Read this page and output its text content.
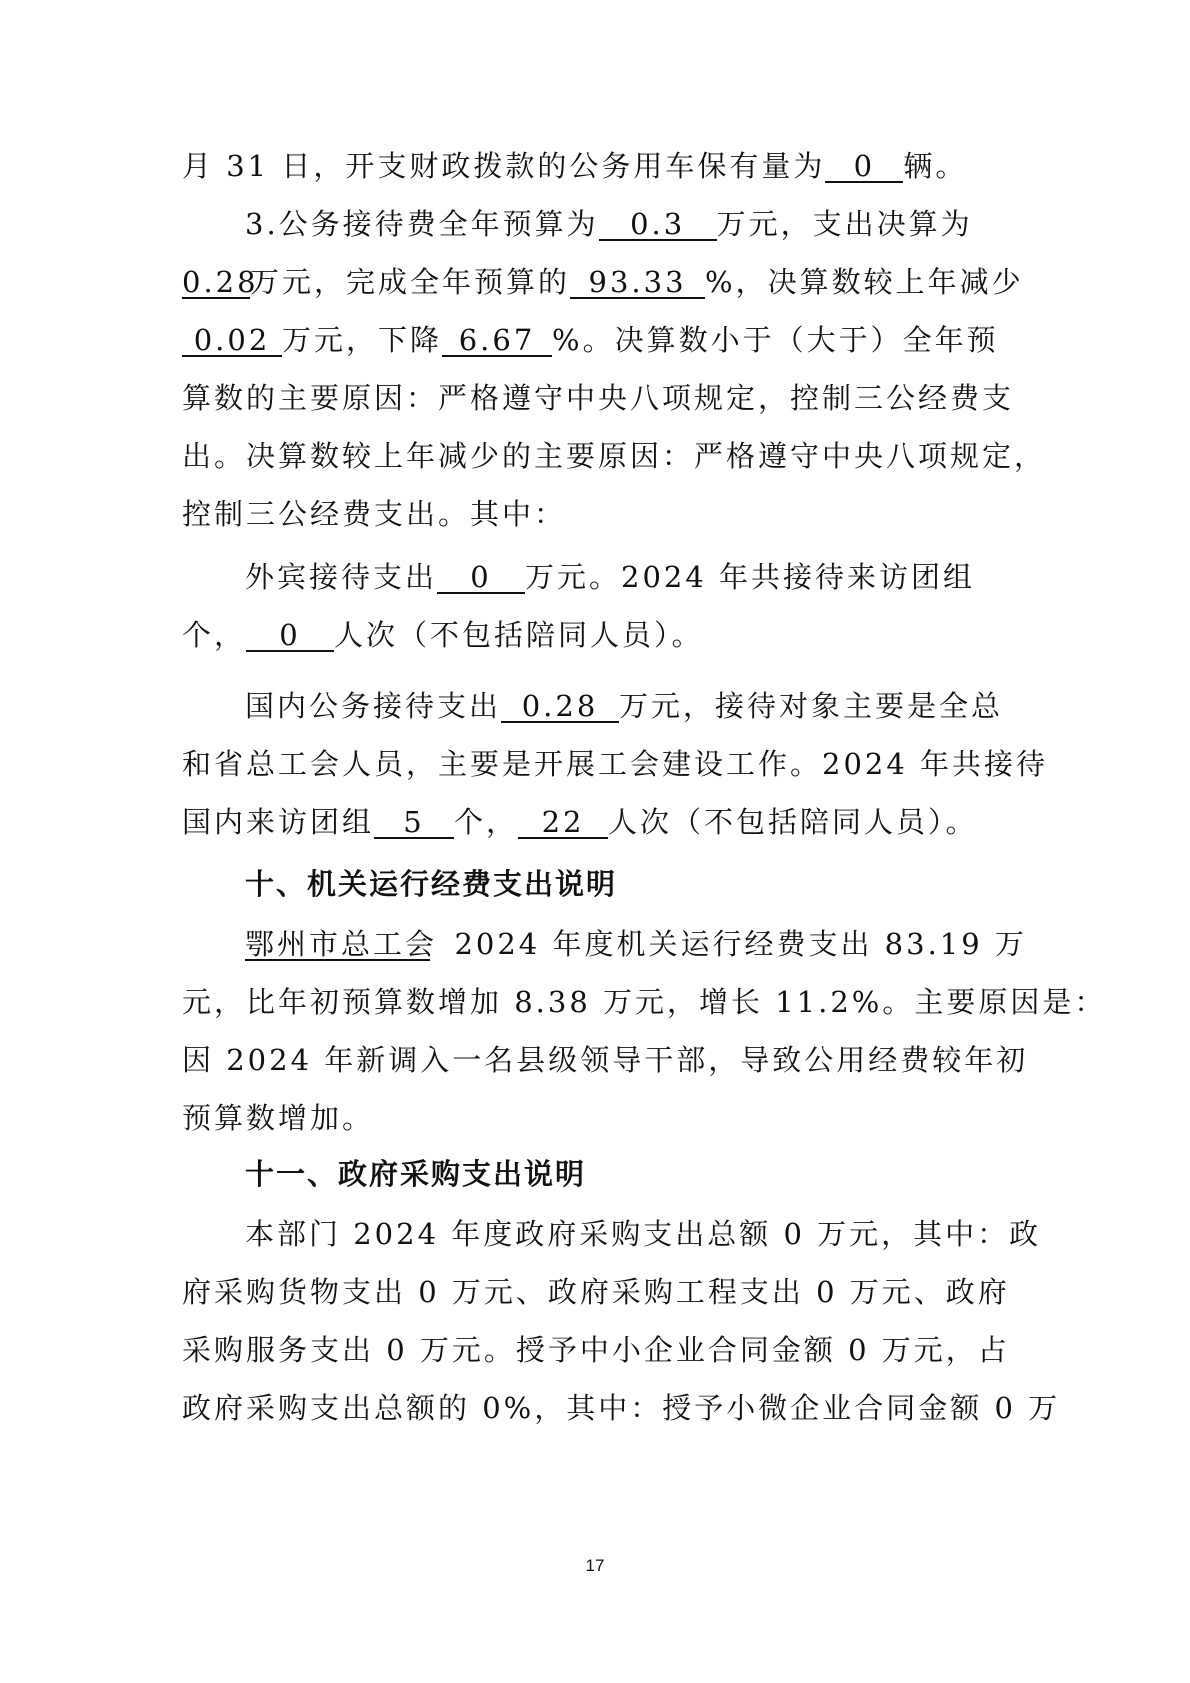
月 31 日，开支财政拨款的公务用车保有量为 0 辆。
3.公务接待费全年预算为 0.3 万元，支出决算为
0.28万元，完成全年预算的 93.33 %，决算数较上年减少
0.02 万元，下降 6.67 %。决算数小于（大于）全年预
算数的主要原因：严格遵守中央八项规定，控制三公经费支
出。决算数较上年减少的主要原因：严格遵守中央八项规定，
控制三公经费支出。其中：
外宾接待支出 0 万元。2024 年共接待来访团组
个， 0 人次（不包括陪同人员）。
国内公务接待支出 0.28 万元，接待对象主要是全总
和省总工会人员，主要是开展工会建设工作。2024 年共接待
国内来访团组 5 个， 22 人次（不包括陪同人员）。
十、机关运行经费支出说明
鄂州市总工会 2024 年度机关运行经费支出 83.19 万
元，比年初预算数增加 8.38 万元，增长 11.2%。主要原因是：
因 2024 年新调入一名县级领导干部，导致公用经费较年初
预算数增加。
十一、政府采购支出说明
本部门 2024 年度政府采购支出总额 0 万元，其中：政
府采购货物支出 0 万元、政府采购工程支出 0 万元、政府
采购服务支出 0 万元。授予中小企业合同金额 0 万元，占
政府采购支出总额的 0%，其中：授予小微企业合同金额 0 万
17
